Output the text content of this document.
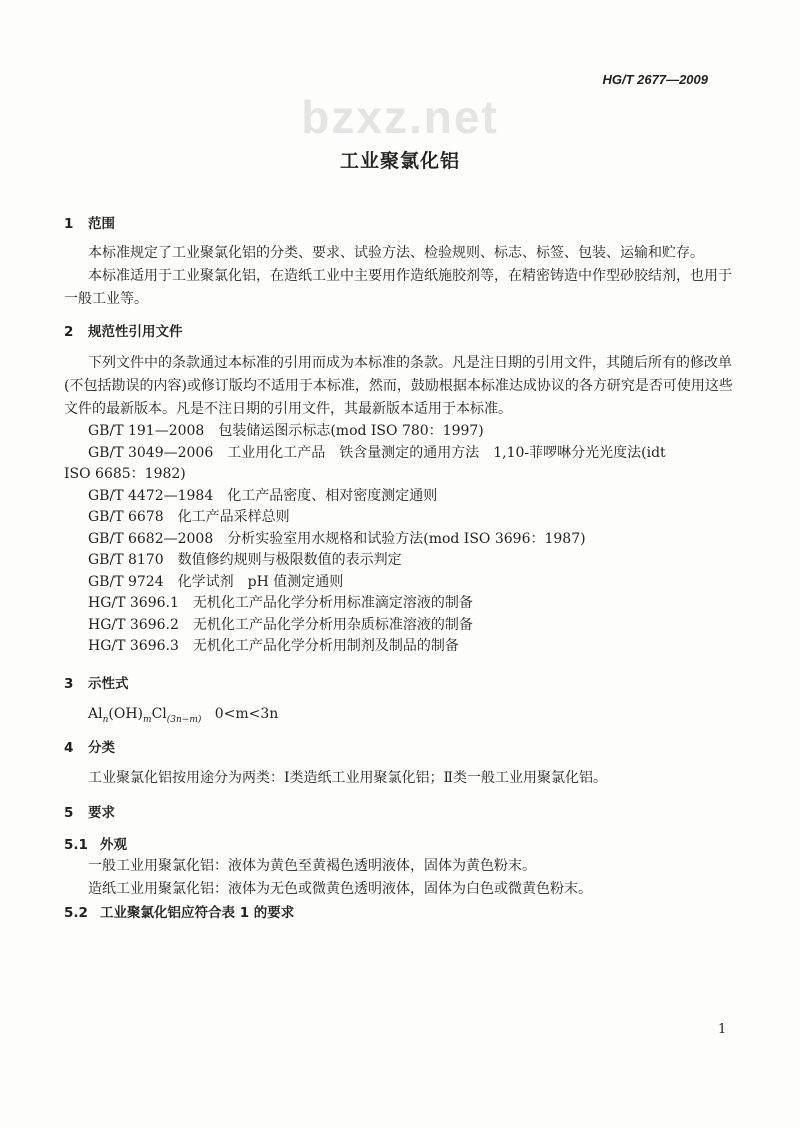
HG/T 2677—2009
bzxz.net
工业聚氯化铝
1 范围
本标准规定了工业聚氯化铝的分类、要求、试验方法、检验规则、标志、标签、包装、运输和贮存。
本标准适用于工业聚氯化铝，在造纸工业中主要用作造纸施胶剂等，在精密铸造中作型砂胶结剂，也用于一般工业等。
2 规范性引用文件
下列文件中的条款通过本标准的引用而成为本标准的条款。凡是注日期的引用文件，其随后所有的修改单(不包括勘误的内容)或修订版均不适用于本标准，然而，鼓励根据本标准达成协议的各方研究是否可使用这些文件的最新版本。凡是不注日期的引用文件，其最新版本适用于本标准。
GB/T 191—2008　包装储运图示标志(mod ISO 780：1997)
GB/T 3049—2006　工业用化工产品　铁含量测定的通用方法　1,10-菲啰啉分光光度法(idt
ISO 6685：1982)
GB/T 4472—1984　化工产品密度、相对密度测定通则
GB/T 6678　化工产品采样总则
GB/T 6682—2008　分析实验室用水规格和试验方法(mod ISO 3696：1987)
GB/T 8170　数值修约规则与极限数值的表示判定
GB/T 9724　化学试剂　pH 值测定通则
HG/T 3696.1　无机化工产品化学分析用标准滴定溶液的制备
HG/T 3696.2　无机化工产品化学分析用杂质标准溶液的制备
HG/T 3696.3　无机化工产品化学分析用制剂及制品的制备
3 示性式
$Al_n(OH)_mCl_{(3n-m)}$ 0<m<3n
4 分类
工业聚氯化铝按用途分为两类：Ⅰ类造纸工业用聚氯化铝；Ⅱ类一般工业用聚氯化铝。
5 要求
5.1 外观
一般工业用聚氯化铝：液体为黄色至黄褐色透明液体，固体为黄色粉末。
造纸工业用聚氯化铝：液体为无色或微黄色透明液体，固体为白色或微黄色粉末。
5.2 工业聚氯化铝应符合表 1 的要求
1
